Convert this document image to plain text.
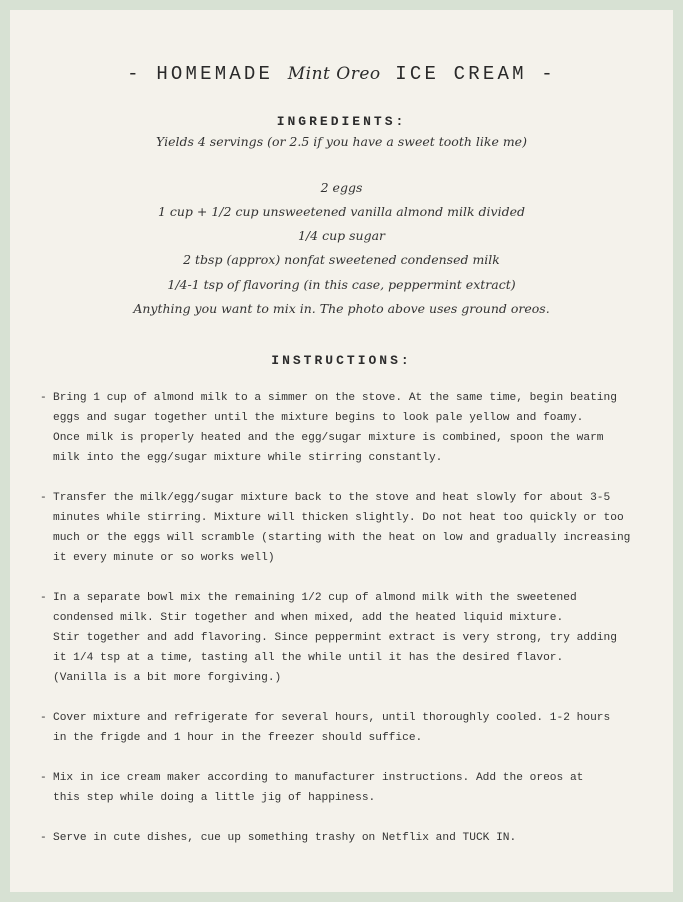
- HOMEMADE Mint Oreo ICE CREAM -
INGREDIENTS:
Yields 4 servings (or 2.5 if you have a sweet tooth like me)
2 eggs
1 cup + 1/2 cup unsweetened vanilla almond milk divided
1/4 cup sugar
2 tbsp (approx) nonfat sweetened condensed milk
1/4-1 tsp of flavoring (in this case, peppermint extract)
Anything you want to mix in. The photo above uses ground oreos.
INSTRUCTIONS:
- Bring 1 cup of almond milk to a simmer on the stove. At the same time, begin beating
eggs and sugar together until the mixture begins to look pale yellow and foamy.
Once milk is properly heated and the egg/sugar mixture is combined, spoon the warm
milk into the egg/sugar mixture while stirring constantly.
- Transfer the milk/egg/sugar mixture back to the stove and heat slowly for about 3-5
minutes while stirring. Mixture will thicken slightly. Do not heat too quickly or too
much or the eggs will scramble (starting with the heat on low and gradually increasing
it every minute or so works well)
- In a separate bowl mix the remaining 1/2 cup of almond milk with the sweetened
condensed milk. Stir together and when mixed, add the heated liquid mixture.
Stir together and add flavoring. Since peppermint extract is very strong, try adding
it 1/4 tsp at a time, tasting all the while until it has the desired flavor.
(Vanilla is a bit more forgiving.)
- Cover mixture and refrigerate for several hours, until thoroughly cooled. 1-2 hours
in the frigde and 1 hour in the freezer should suffice.
- Mix in ice cream maker according to manufacturer instructions. Add the oreos at
this step while doing a little jig of happiness.
- Serve in cute dishes, cue up something trashy on Netflix and TUCK IN.
